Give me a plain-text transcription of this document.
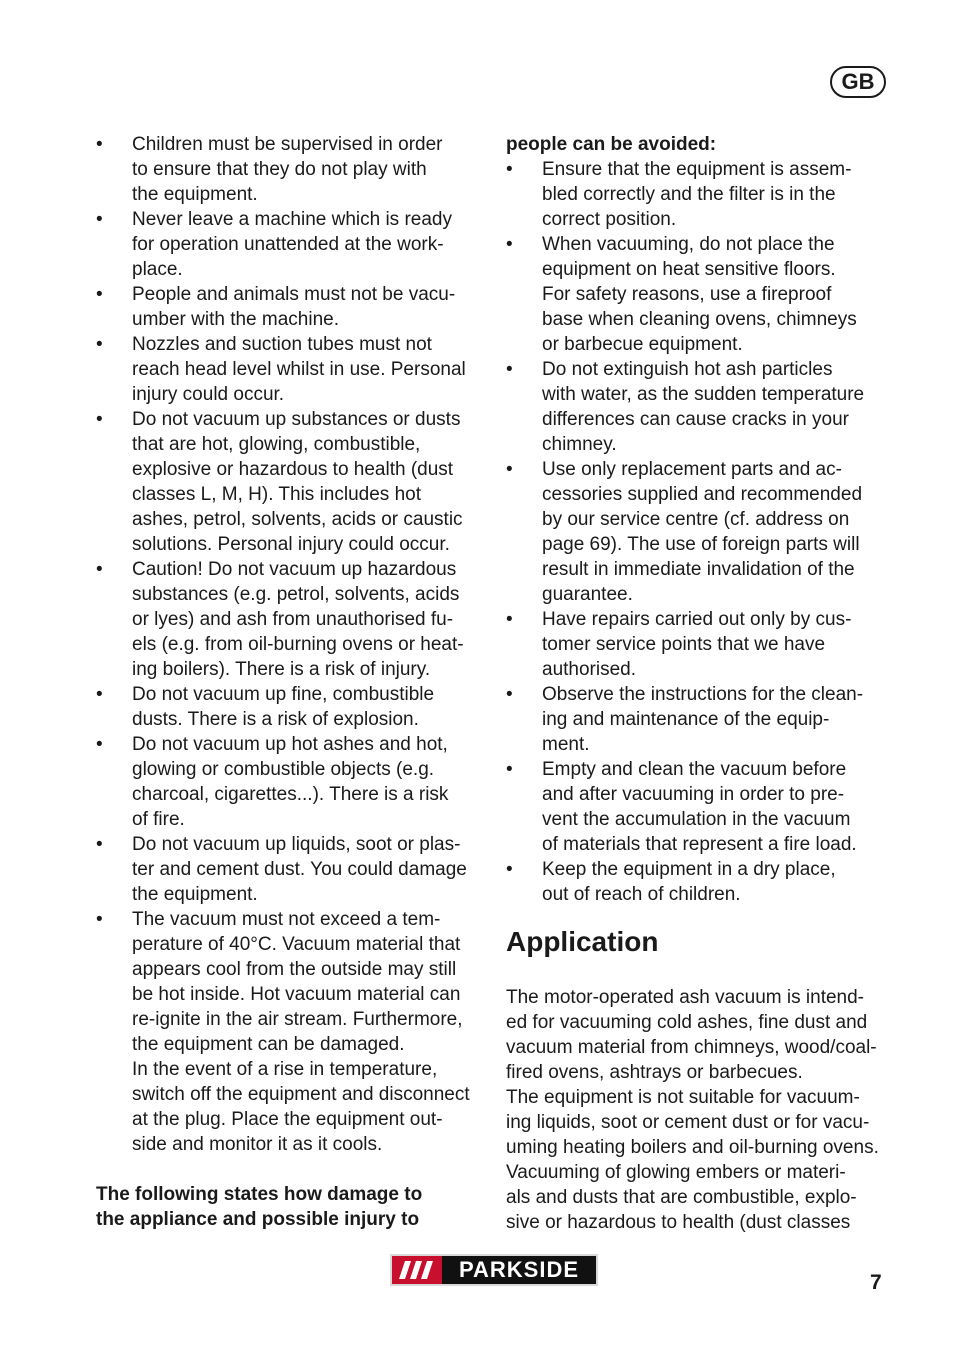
GB
•	Children must be supervised in order
to ensure that they do not play with
the equipment.
•	Never leave a machine which is ready
for operation unattended at the work-
place.
•	People and animals must not be vacu-
umber with the machine.
•	Nozzles and suction tubes must not
reach head level whilst in use. Personal
injury could occur.
•	Do not vacuum up substances or dusts
that are hot, glowing, combustible,
explosive or hazardous to health (dust
classes L, M, H). This includes hot
ashes, petrol, solvents, acids or caustic
solutions. Personal injury could occur.
•	Caution! Do not vacuum up hazardous
substances (e.g. petrol, solvents, acids
or lyes) and ash from unauthorised fu-
els (e.g. from oil-burning ovens or heat-
ing boilers). There is a risk of injury.
•	Do not vacuum up fine, combustible
dusts. There is a risk of explosion.
•	Do not vacuum up hot ashes and hot,
glowing or combustible objects (e.g.
charcoal, cigarettes...). There is a risk
of fire.
•	Do not vacuum up liquids, soot or plas-
ter and cement dust. You could damage
the equipment.
•	The vacuum must not exceed a tem-
perature of 40°C. Vacuum material that
appears cool from the outside may still
be hot inside. Hot vacuum material can
re-ignite in the air stream. Furthermore,
the equipment can be damaged.
In the event of a rise in temperature,
switch off the equipment and disconnect
at the plug. Place the equipment out-
side and monitor it as it cools.
The following states how damage to
the appliance and possible injury to
people can be avoided:
•	Ensure that the equipment is assem-
bled correctly and the filter is in the
correct position.
•	When vacuuming, do not place the
equipment on heat sensitive floors.
For safety reasons, use a fireproof
base when cleaning ovens, chimneys
or barbecue equipment.
•	Do not extinguish hot ash particles
with water, as the sudden temperature
differences can cause cracks in your
chimney.
•	Use only replacement parts and ac-
cessories supplied and recommended
by our service centre (cf. address on
page 69). The use of foreign parts will
result in immediate invalidation of the
guarantee.
•	Have repairs carried out only by cus-
tomer service points that we have
authorised.
•	Observe the instructions for the clean-
ing and maintenance of the equip-
ment.
•	Empty and clean the vacuum before
and after vacuuming in order to pre-
vent the accumulation in the vacuum
of materials that represent a fire load.
•	Keep the equipment in a dry place,
out of reach of children.
Application

The motor-operated ash vacuum is intend-
ed for vacuuming cold ashes, fine dust and
vacuum material from chimneys, wood/coal-
fired ovens, ashtrays or barbecues.
The equipment is not suitable for vacuum-
ing liquids, soot or cement dust or for vacu-
uming heating boilers and oil-burning ovens.
Vacuuming of glowing embers or materi-
als and dusts that are combustible, explo-
sive or hazardous to health (dust classes

PARKSIDE
7
